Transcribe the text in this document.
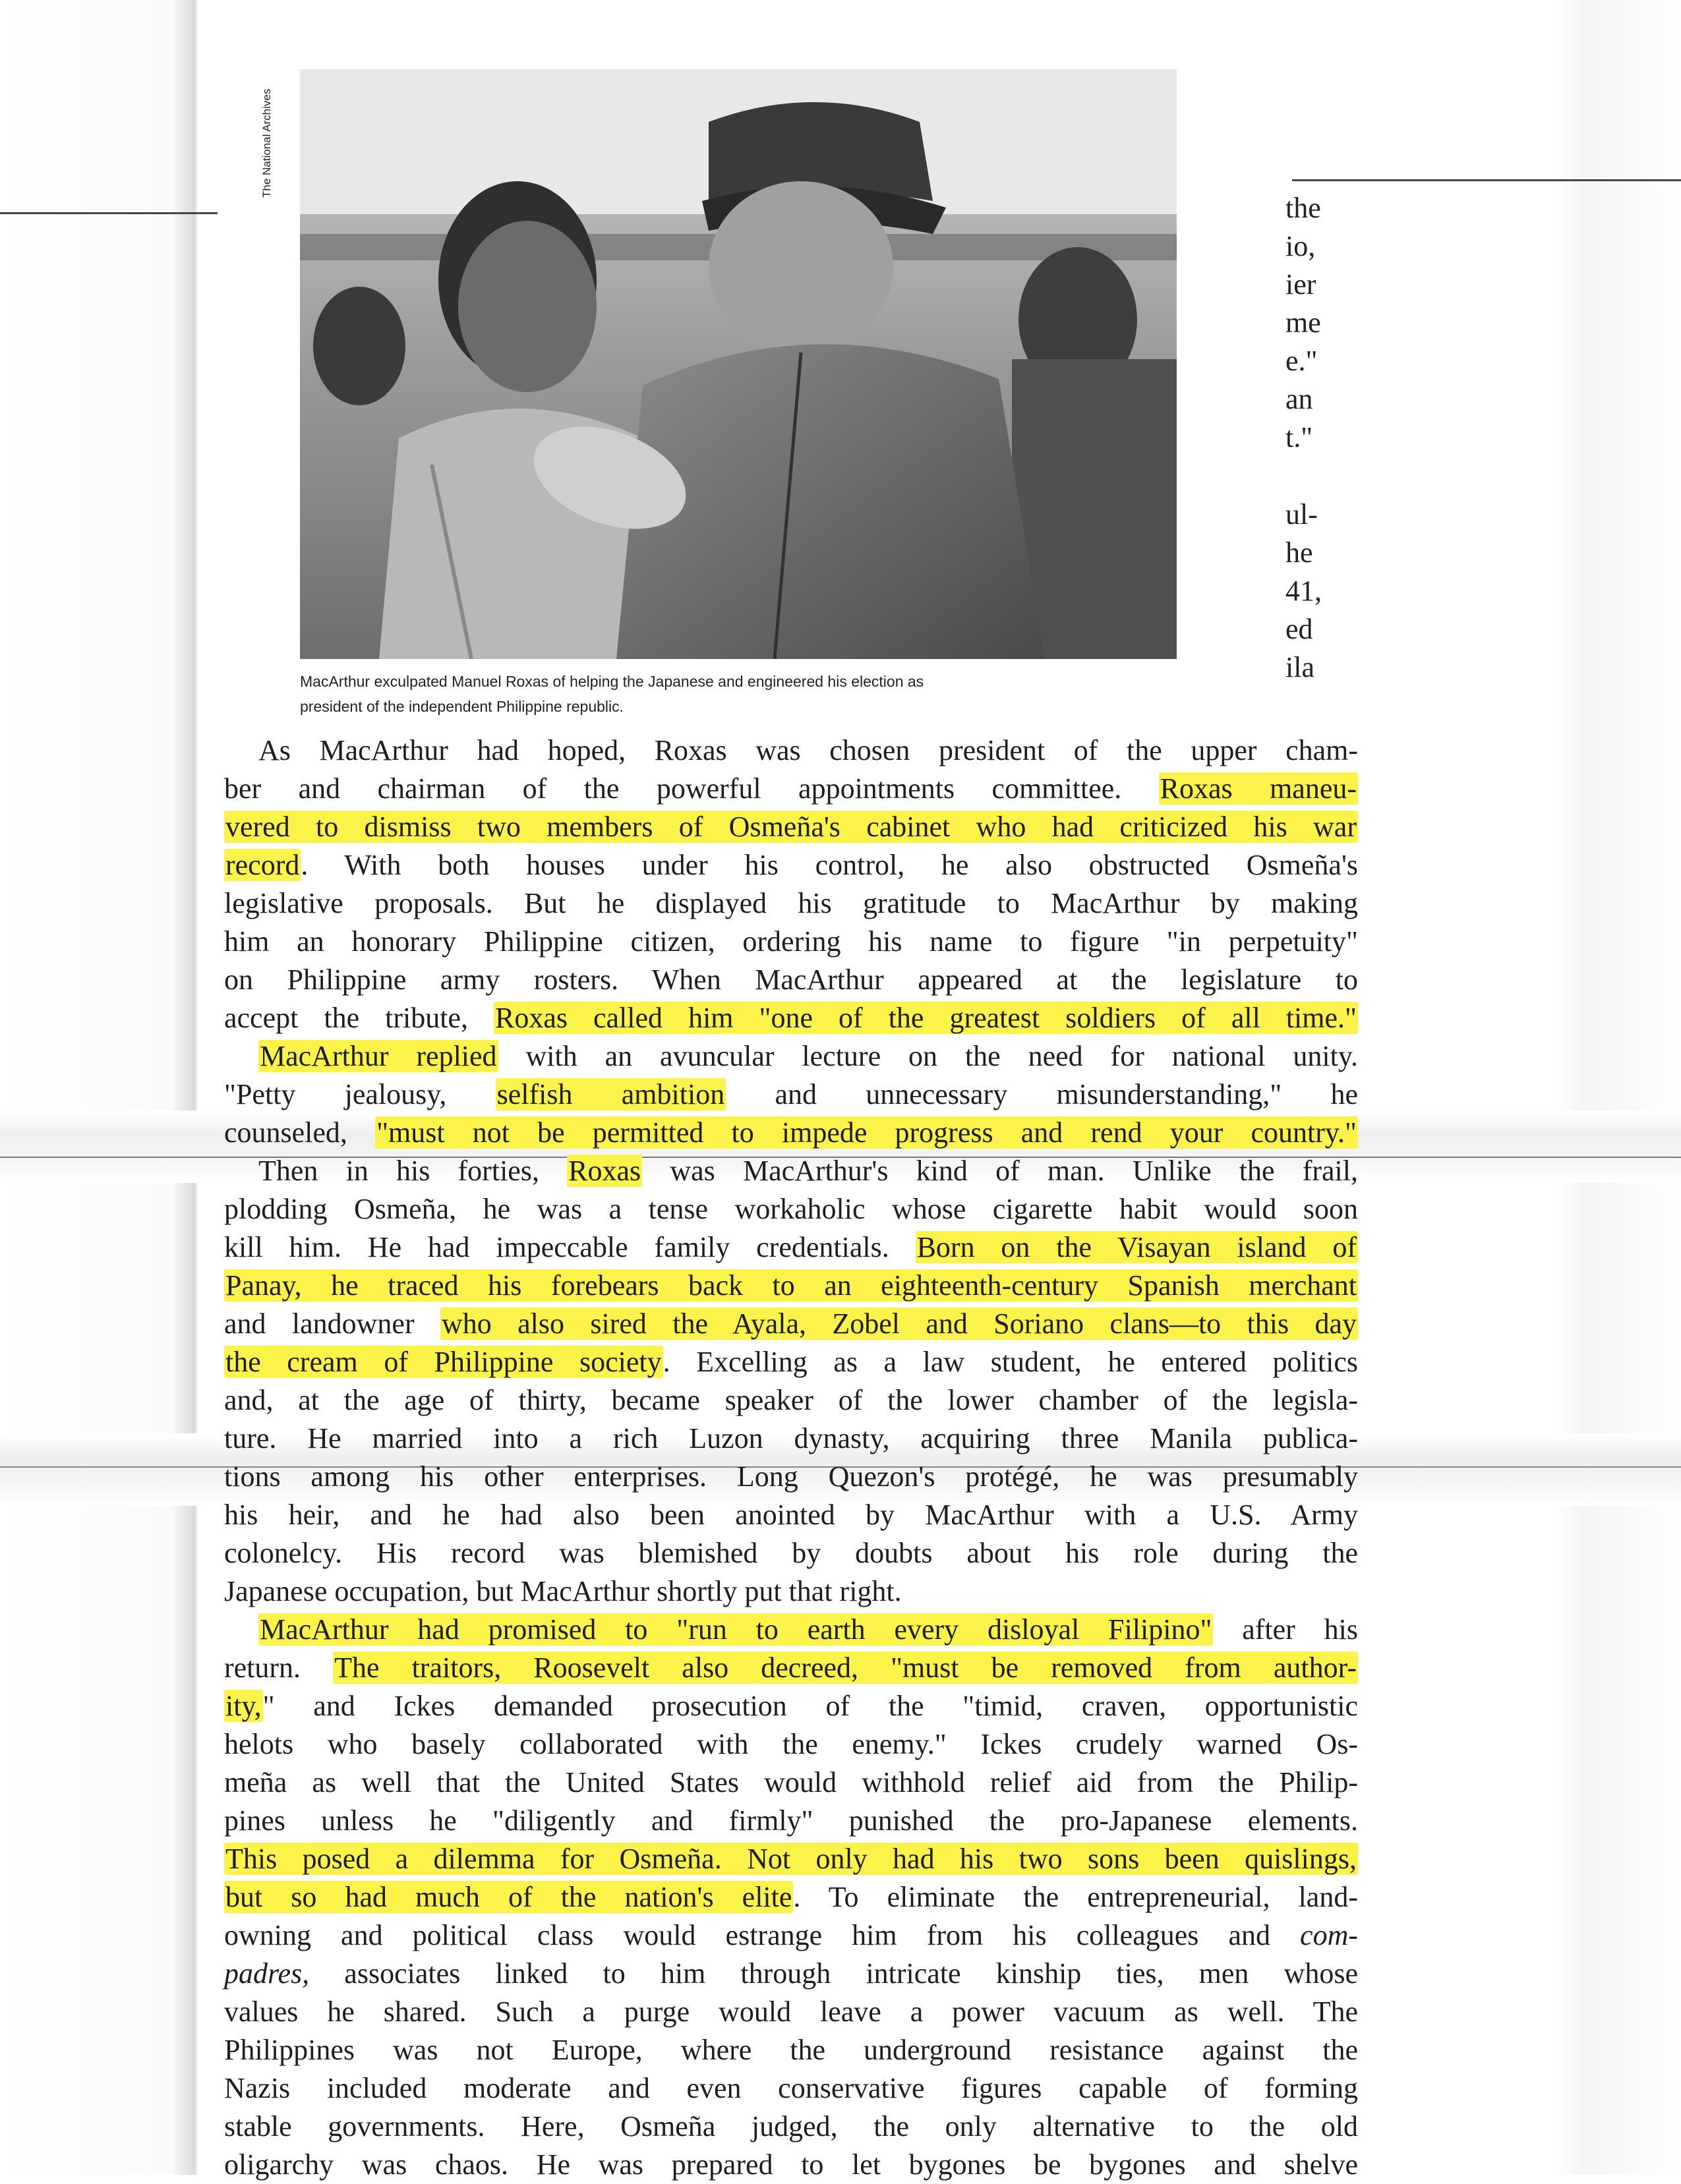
The National Archives
MacArthur exculpated Manuel Roxas of helping the Japanese and engineered his election as
president of the independent Philippine republic.
the
io,
ier
me
e."
an
t."
ul-
he
41,
ed
ila
As MacArthur had hoped, Roxas was chosen president of the upper cham-
ber and chairman of the powerful appointments committee. Roxas maneu-
vered to dismiss two members of Osmeña's cabinet who had criticized his war
record. With both houses under his control, he also obstructed Osmeña's
legislative proposals. But he displayed his gratitude to MacArthur by making
him an honorary Philippine citizen, ordering his name to figure "in perpetuity"
on Philippine army rosters. When MacArthur appeared at the legislature to
accept the tribute, Roxas called him "one of the greatest soldiers of all time."
MacArthur replied with an avuncular lecture on the need for national unity.
"Petty jealousy, selfish ambition and unnecessary misunderstanding," he
counseled, "must not be permitted to impede progress and rend your country."
Then in his forties, Roxas was MacArthur's kind of man. Unlike the frail,
plodding Osmeña, he was a tense workaholic whose cigarette habit would soon
kill him. He had impeccable family credentials. Born on the Visayan island of
Panay, he traced his forebears back to an eighteenth-century Spanish merchant
and landowner who also sired the Ayala, Zobel and Soriano clans—to this day
the cream of Philippine society. Excelling as a law student, he entered politics
and, at the age of thirty, became speaker of the lower chamber of the legisla-
ture. He married into a rich Luzon dynasty, acquiring three Manila publica-
tions among his other enterprises. Long Quezon's protégé, he was presumably
his heir, and he had also been anointed by MacArthur with a U.S. Army
colonelcy. His record was blemished by doubts about his role during the
Japanese occupation, but MacArthur shortly put that right.
MacArthur had promised to "run to earth every disloyal Filipino" after his
return. The traitors, Roosevelt also decreed, "must be removed from author-
ity," and Ickes demanded prosecution of the "timid, craven, opportunistic
helots who basely collaborated with the enemy." Ickes crudely warned Os-
meña as well that the United States would withhold relief aid from the Philip-
pines unless he "diligently and firmly" punished the pro-Japanese elements.
This posed a dilemma for Osmeña. Not only had his two sons been quislings,
but so had much of the nation's elite. To eliminate the entrepreneurial, land-
owning and political class would estrange him from his colleagues and com-
padres, associates linked to him through intricate kinship ties, men whose
values he shared. Such a purge would leave a power vacuum as well. The
Philippines was not Europe, where the underground resistance against the
Nazis included moderate and even conservative figures capable of forming
stable governments. Here, Osmeña judged, the only alternative to the old
oligarchy was chaos. He was prepared to let bygones be bygones and shelve
